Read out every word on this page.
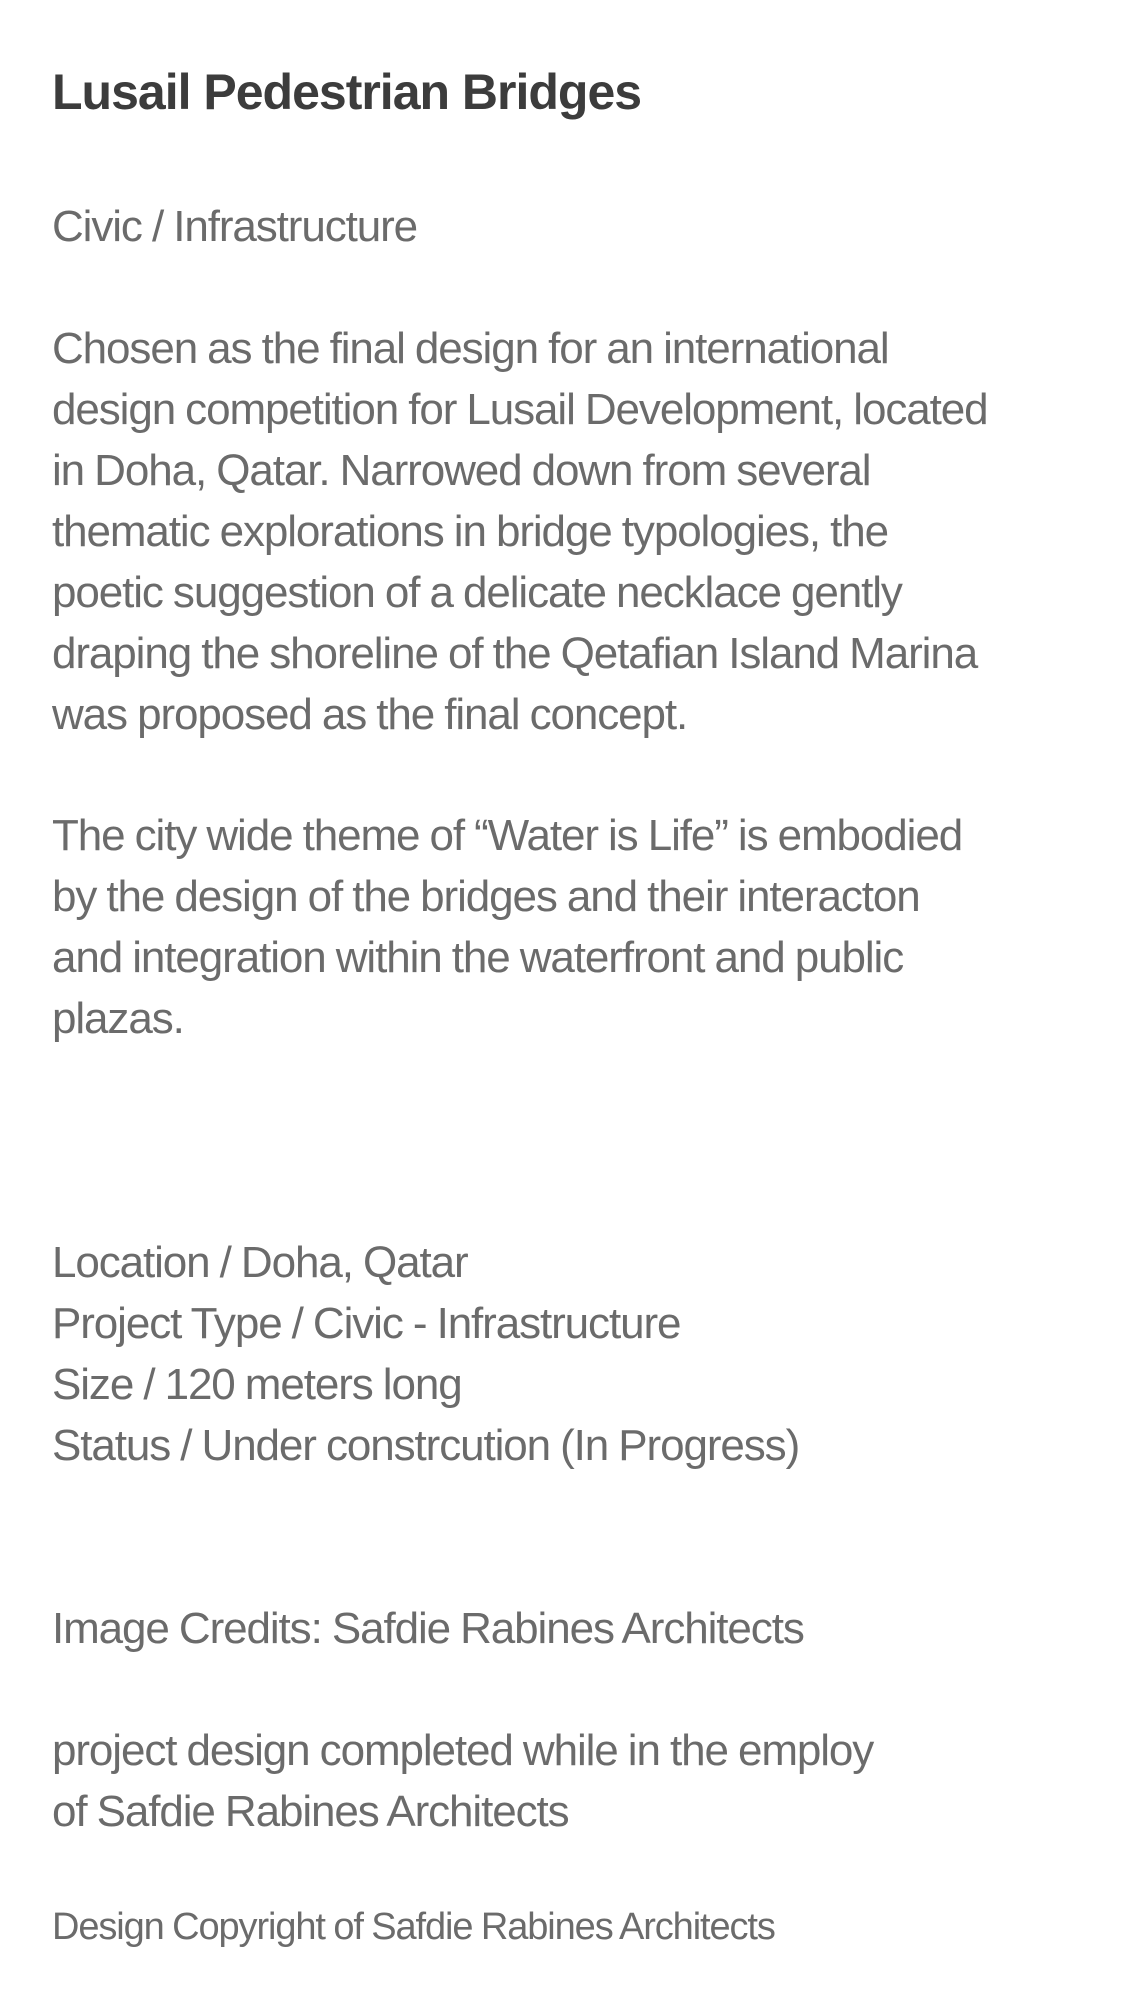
Lusail Pedestrian Bridges

Civic / Infrastructure

Chosen as the final design for an international
design competition for Lusail Development, located
in Doha, Qatar. Narrowed down from several
thematic explorations in bridge typologies, the
poetic suggestion of a delicate necklace gently
draping the shoreline of the Qetafian Island Marina
was proposed as the final concept.

The city wide theme of “Water is Life” is embodied
by the design of the bridges and their interacton
and integration within the waterfront and public
plazas.

Location / Doha, Qatar
Project Type / Civic - Infrastructure
Size / 120 meters long
Status / Under constrcution (In Progress)

Image Credits: Safdie Rabines Architects

project design completed while in the employ
of Safdie Rabines Architects

Design Copyright of Safdie Rabines Architects
